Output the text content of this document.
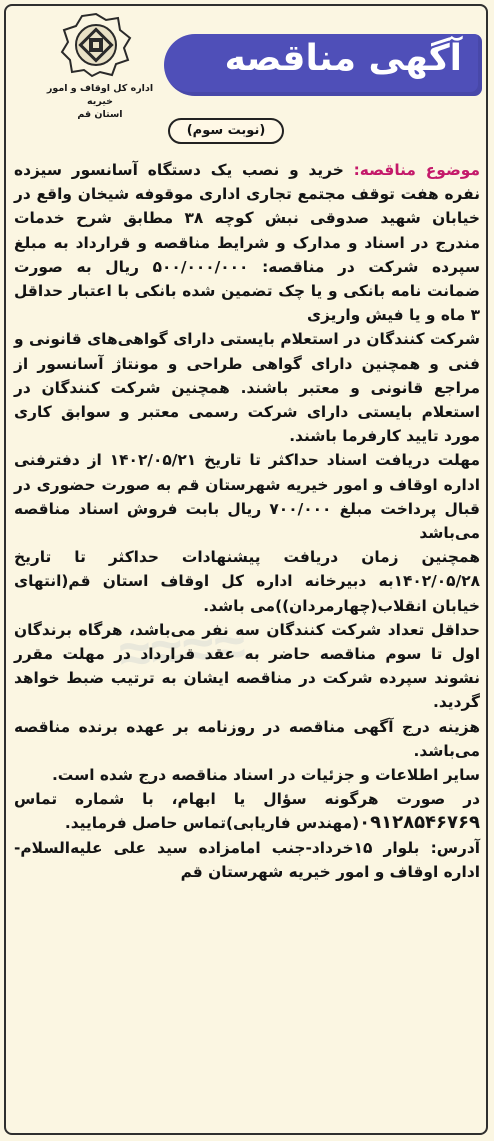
آگهی مناقصه
اداره کل اوقاف و امور خیریه
استان قم
(نوبت سوم)

موضوع مناقصه: خرید و نصب یک دستگاه آسانسور سیزده نفره هفت توقف مجتمع تجاری اداری موقوفه شیخان واقع در خیابان شهید صدوقی نبش کوچه ۳۸ مطابق شرح خدمات مندرج در اسناد و مدارک و شرایط مناقصه و قرارداد به مبلغ سپرده شرکت در مناقصه: ۵۰۰/۰۰۰/۰۰۰ ریال به صورت ضمانت نامه بانکی و یا چک تضمین شده بانکی با اعتبار حداقل ۳ ماه و یا فیش واریزی

شرکت کنندگان در استعلام بایستی دارای گواهی‌های قانونی و فنی و همچنین دارای گواهی طراحی و مونتاژ آسانسور از مراجع قانونی و معتبر باشند. همچنین شرکت کنندگان در استعلام بایستی دارای شرکت رسمی معتبر و سوابق کاری مورد تایید کارفرما باشند.

مهلت دریافت اسناد حداکثر تا تاریخ ۱۴۰۲/۰۵/۲۱ از دفترفنی اداره اوقاف و امور خیریه شهرستان قم به صورت حضوری در قبال پرداخت مبلغ ۷۰۰/۰۰۰ ریال بابت فروش اسناد مناقصه می‌باشد

همچنین زمان دریافت پیشنهادات حداکثر تا تاریخ ۱۴۰۲/۰۵/۲۸به دبیرخانه اداره کل اوقاف استان قم(انتهای خیابان انقلاب(چهارمردان))می باشد.

حداقل تعداد شرکت کنندگان سه نفر می‌باشد، هرگاه برندگان اول تا سوم مناقصه حاضر به عقد قرارداد در مهلت مقرر نشوند سپرده شرکت در مناقصه ایشان به ترتیب ضبط خواهد گردید.

هزینه درج آگهی مناقصه در روزنامه بر عهده برنده مناقصه می‌باشد.

سایر اطلاعات و جزئیات در اسناد مناقصه درج شده است.

در صورت هرگونه سؤال یا ابهام، با شماره تماس ۰۹۱۲۸۵۴۶۷۶۹(مهندس فاریابی)تماس حاصل فرمایید.

آدرس: بلوار ۱۵خرداد-جنب امامزاده سید علی علیه‌السلام- اداره اوقاف و امور خیریه شهرستان قم
